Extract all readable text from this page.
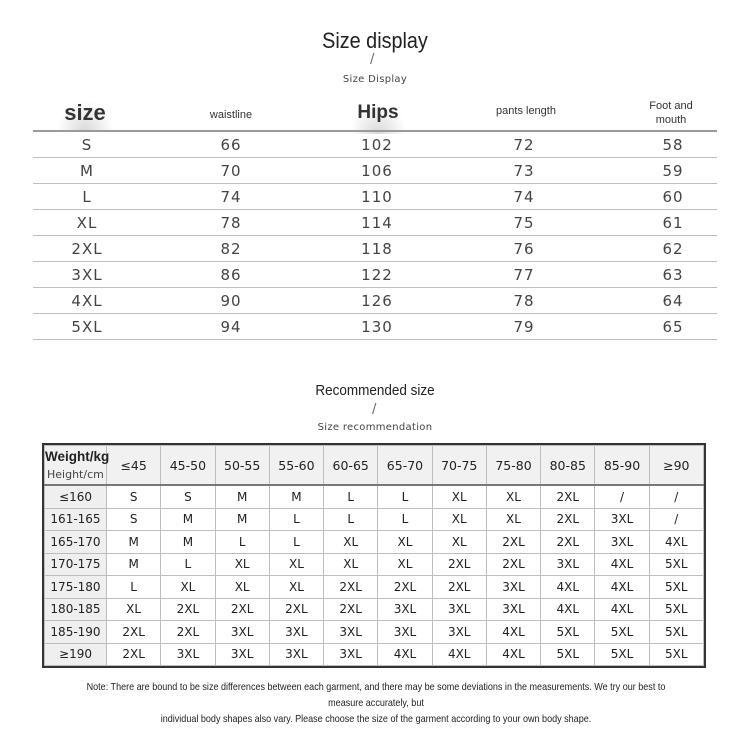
Size display
/
Size Display
size	waistline	Hips	pants length	Foot and
mouth
S	66	102	72	58
M	70	106	73	59
L	74	110	74	60
XL	78	114	75	61
2XL	82	118	76	62
3XL	86	122	77	63
4XL	90	126	78	64
5XL	94	130	79	65
Recommended size
/
Size recommendation
Weight/kg
Height/cm	≤45	45-50	50-55	55-60	60-65	65-70	70-75	75-80	80-85	85-90	≥90
≤160	S	S	M	M	L	L	XL	XL	2XL	/	/
161-165	S	M	M	L	L	L	XL	XL	2XL	3XL	/
165-170	M	M	L	L	XL	XL	XL	2XL	2XL	3XL	4XL
170-175	M	L	XL	XL	XL	XL	2XL	2XL	3XL	4XL	5XL
175-180	L	XL	XL	XL	2XL	2XL	2XL	3XL	4XL	4XL	5XL
180-185	XL	2XL	2XL	2XL	2XL	3XL	3XL	3XL	4XL	4XL	5XL
185-190	2XL	2XL	3XL	3XL	3XL	3XL	3XL	4XL	5XL	5XL	5XL
≥190	2XL	3XL	3XL	3XL	3XL	4XL	4XL	4XL	5XL	5XL	5XL
Note: There are bound to be size differences between each garment, and there may be some deviations in the measurements. We try our best to measure accurately, but
individual body shapes also vary. Please choose the size of the garment according to your own body shape.
